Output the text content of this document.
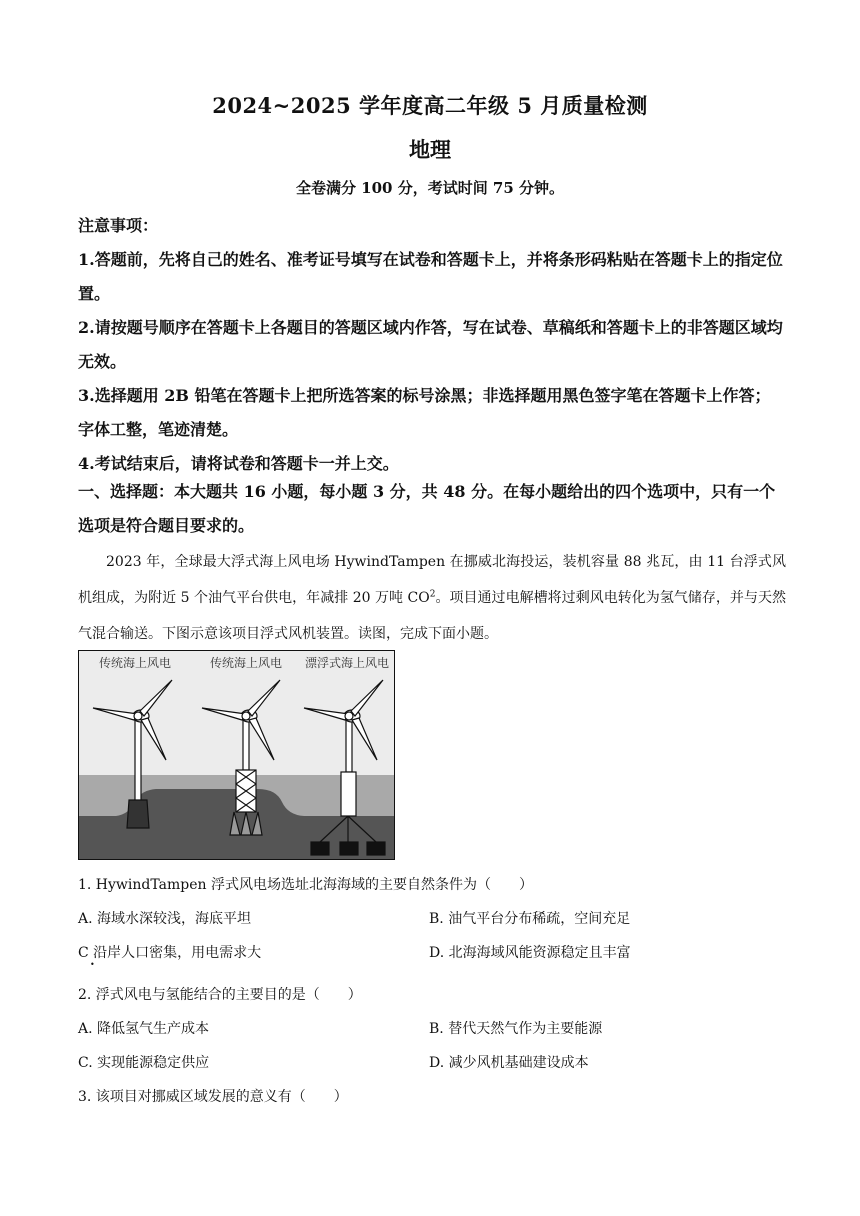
2024~2025 学年度高二年级 5 月质量检测
地理
全卷满分 100 分，考试时间 75 分钟。

注意事项：

1.答题前，先将自己的姓名、准考证号填写在试卷和答题卡上，并将条形码粘贴在答题卡上的指定位置。

2.请按题号顺序在答题卡上各题目的答题区域内作答，写在试卷、草稿纸和答题卡上的非答题区域均无效。

3.选择题用 2B 铅笔在答题卡上把所选答案的标号涂黑；非选择题用黑色签字笔在答题卡上作答；字体工整，笔迹清楚。

4.考试结束后，请将试卷和答题卡一并上交。

一、选择题：本大题共 16 小题，每小题 3 分，共 48 分。在每小题给出的四个选项中，只有一个选项是符合题目要求的。

2023 年，全球最大浮式海上风电场 HywindTampen 在挪威北海投运，装机容量 88 兆瓦，由 11 台浮式风机组成，为附近 5 个油气平台供电，年减排 20 万吨 $CO^2$。项目通过电解槽将过剩风电转化为氢气储存，并与天然气混合输送。下图示意该项目浮式风机装置。读图，完成下面小题。
传统海上风电	传统海上风电 漂浮式海上风电
1. HywindTampen 浮式风电场选址北海海域的主要自然条件为（　　）
A. 海域水深较浅，海底平坦	B. 油气平台分布稀疏，空间充足
C 沿岸人口密集，用电需求大	D. 北海海域风能资源稳定且丰富
•
2. 浮式风电与氢能结合的主要目的是（　　）
A. 降低氢气生产成本	B. 替代天然气作为主要能源
C. 实现能源稳定供应	D. 减少风机基础建设成本
3. 该项目对挪威区域发展的意义有（　　）
